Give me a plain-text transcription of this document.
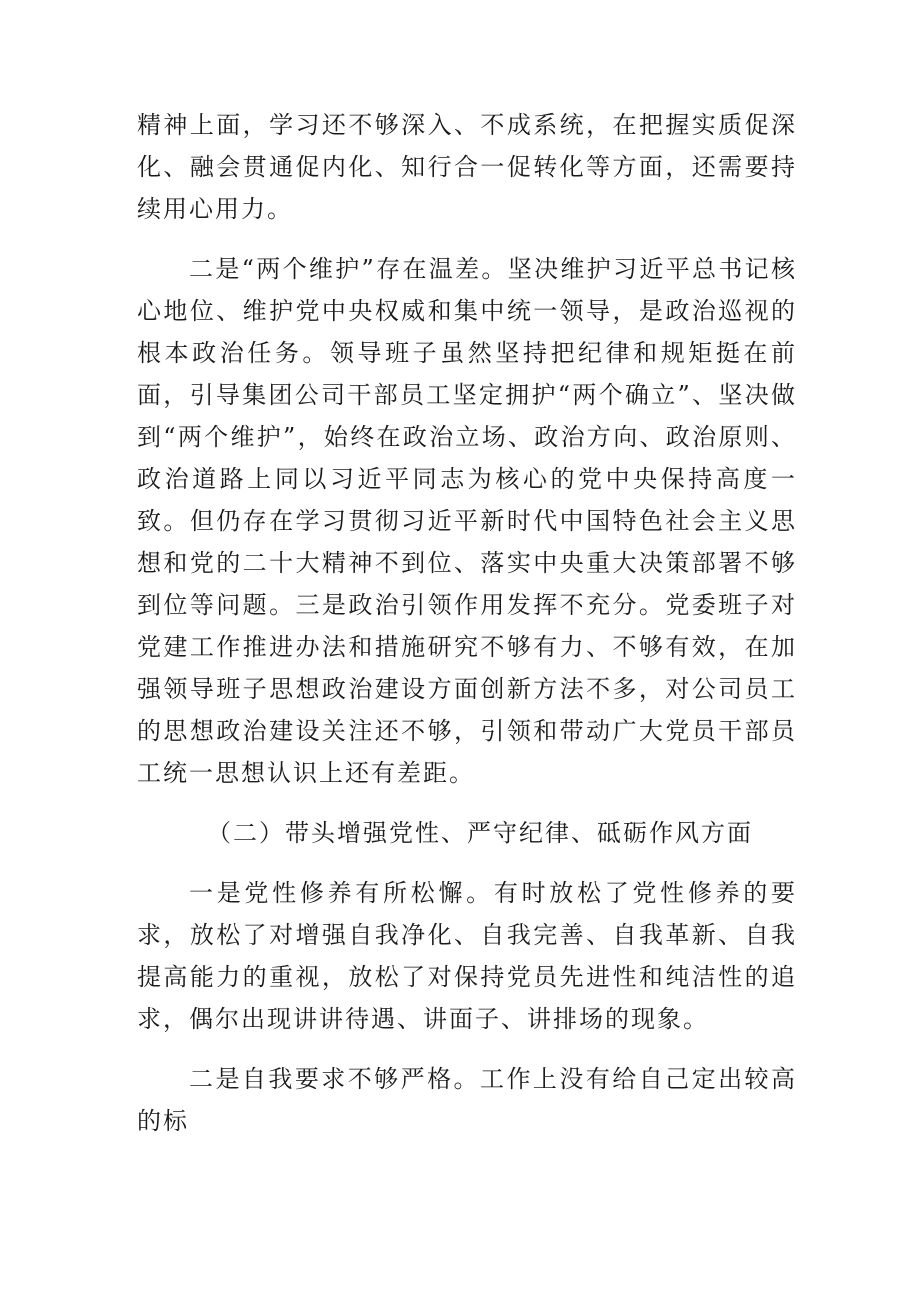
精神上面，学习还不够深入、不成系统，在把握实质促深化、融会贯通促内化、知行合一促转化等方面，还需要持续用心用力。

二是“两个维护”存在温差。坚决维护习近平总书记核心地位、维护党中央权威和集中统一领导，是政治巡视的根本政治任务。领导班子虽然坚持把纪律和规矩挺在前面，引导集团公司干部员工坚定拥护“两个确立”、坚决做到“两个维护”，始终在政治立场、政治方向、政治原则、政治道路上同以习近平同志为核心的党中央保持高度一致。但仍存在学习贯彻习近平新时代中国特色社会主义思想和党的二十大精神不到位、落实中央重大决策部署不够到位等问题。三是政治引领作用发挥不充分。党委班子对党建工作推进办法和措施研究不够有力、不够有效，在加强领导班子思想政治建设方面创新方法不多，对公司员工的思想政治建设关注还不够，引领和带动广大党员干部员工统一思想认识上还有差距。

（二）带头增强党性、严守纪律、砥砺作风方面

一是党性修养有所松懈。有时放松了党性修养的要求，放松了对增强自我净化、自我完善、自我革新、自我提高能力的重视，放松了对保持党员先进性和纯洁性的追求，偶尔出现讲讲待遇、讲面子、讲排场的现象。

二是自我要求不够严格。工作上没有给自己定出较高的标
